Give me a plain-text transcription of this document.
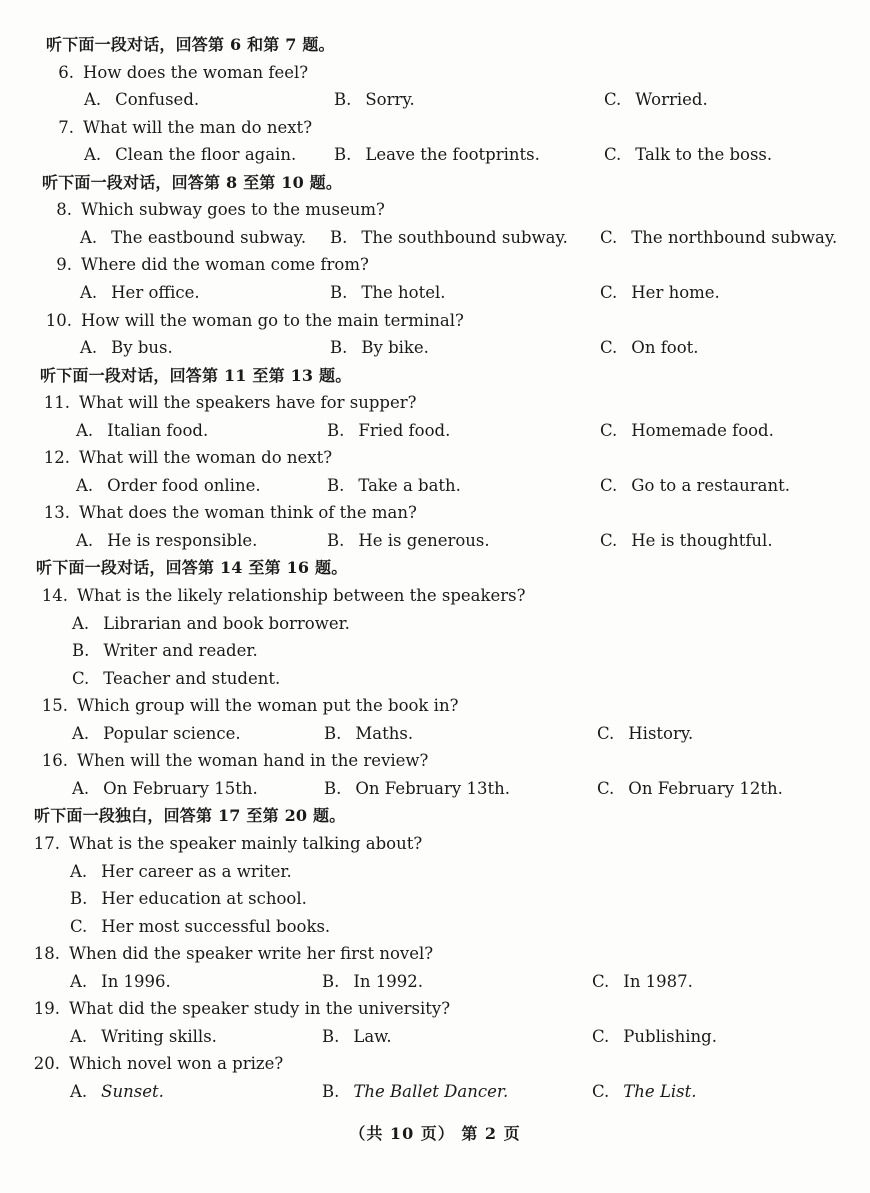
听下面一段对话，回答第 6 和第 7 题。
6. How does the woman feel?
A. Confused.	B. Sorry.	C. Worried.
7. What will the man do next?
A. Clean the floor again. B. Leave the footprints.	C. Talk to the boss.
听下面一段对话，回答第 8 至第 10 题。
8. Which subway goes to the museum?
A. The eastbound subway. B. The southbound subway. C. The northbound subway.
9. Where did the woman come from?
A. Her office.	B. The hotel.	C. Her home.
10. How will the woman go to the main terminal?
A. By bus.	B. By bike.	C. On foot.
听下面一段对话，回答第 11 至第 13 题。
11. What will the speakers have for supper?
A. Italian food.	B. Fried food.	C. Homemade food.
12. What will the woman do next?
A. Order food online.	B. Take a bath.	C. Go to a restaurant.
13. What does the woman think of the man?
A. He is responsible.	B. He is generous.	C. He is thoughtful.
听下面一段对话，回答第 14 至第 16 题。
14. What is the likely relationship between the speakers?
A. Librarian and book borrower.
B. Writer and reader.
C. Teacher and student.
15. Which group will the woman put the book in?
A. Popular science.	B. Maths.	C. History.
16. When will the woman hand in the review?
A. On February 15th.	B. On February 13th.	C. On February 12th.
听下面一段独白，回答第 17 至第 20 题。
17. What is the speaker mainly talking about?
A. Her career as a writer.
B. Her education at school.
C. Her most successful books.
18. When did the speaker write her first novel?
A. In 1996.	B. In 1992.	C. In 1987.
19. What did the speaker study in the university?
A. Writing skills.	B. Law.	C. Publishing.
20. Which novel won a prize?
A. Sunset.	B. The Ballet Dancer.	C. The List.
（共 10 页） 第 2 页
